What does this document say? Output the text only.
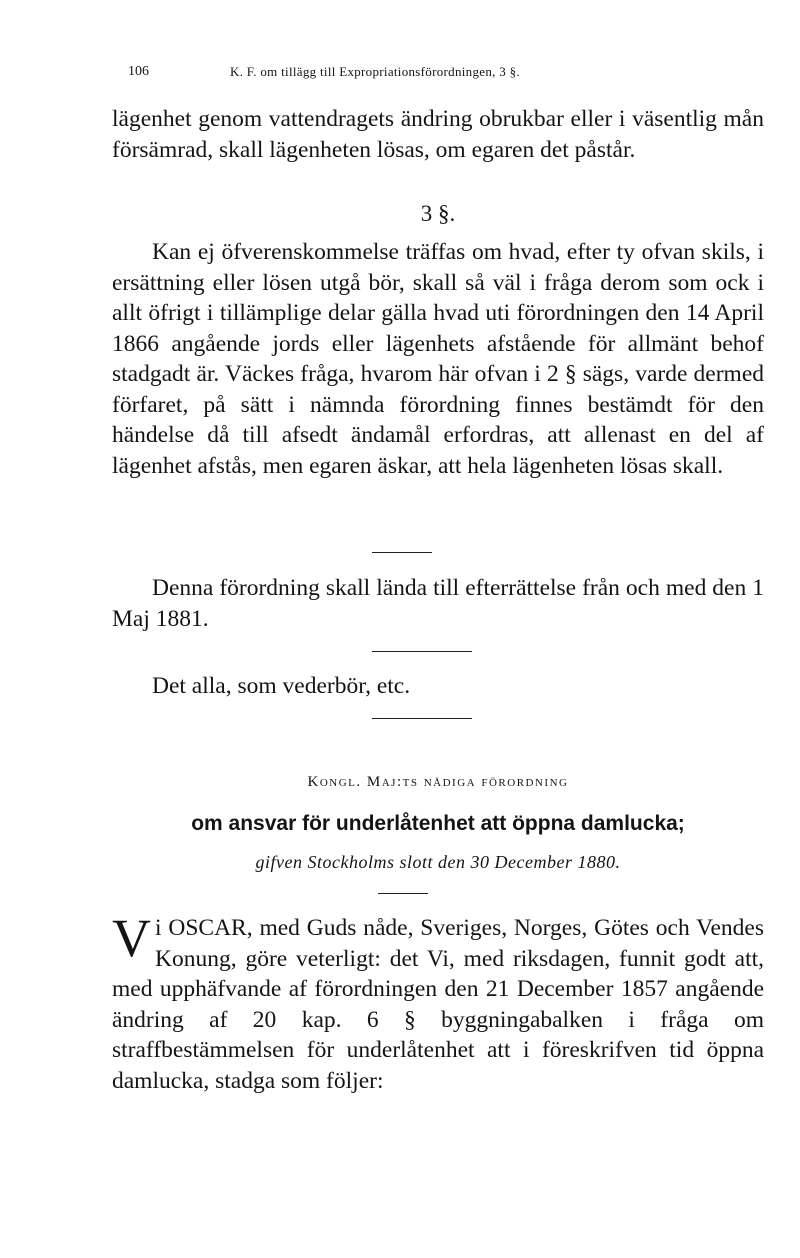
106	K. F. om tillägg till Expropriationsförordningen, 3 §.

lägenhet genom vattendragets ändring obrukbar eller i väsentlig mån försämrad, skall lägenheten lösas, om egaren det påstår.

3 §.

Kan ej öfverenskommelse träffas om hvad, efter ty ofvan skils, i ersättning eller lösen utgå bör, skall så väl i fråga derom som ock i allt öfrigt i tillämplige delar gälla hvad uti förordningen den 14 April 1866 angående jords eller lägenhets afstående för allmänt behof stadgadt är. Väckes fråga, hvarom här ofvan i 2 § sägs, varde dermed förfaret, på sätt i nämnda förordning finnes bestämdt för den händelse då till afsedt ändamål erfordras, att allenast en del af lägenhet afstås, men egaren äskar, att hela lägenheten lösas skall.

Denna förordning skall lända till efterrättelse från och med den 1 Maj 1881.

Det alla, som vederbör, etc.

Kongl. Maj:ts nådiga förordning

om ansvar för underlåtenhet att öppna damlucka;

gifven Stockholms slott den 30 December 1880.

Vi OSCAR, med Guds nåde, Sveriges, Norges, Götes och Vendes Konung, göre veterligt: det Vi, med riksdagen, funnit godt att, med upphäfvande af förordningen den 21 December 1857 angående ändring af 20 kap. 6 § byggningabalken i fråga om straffbestämmelsen för underlåtenhet att i föreskrifven tid öppna damlucka, stadga som följer:
